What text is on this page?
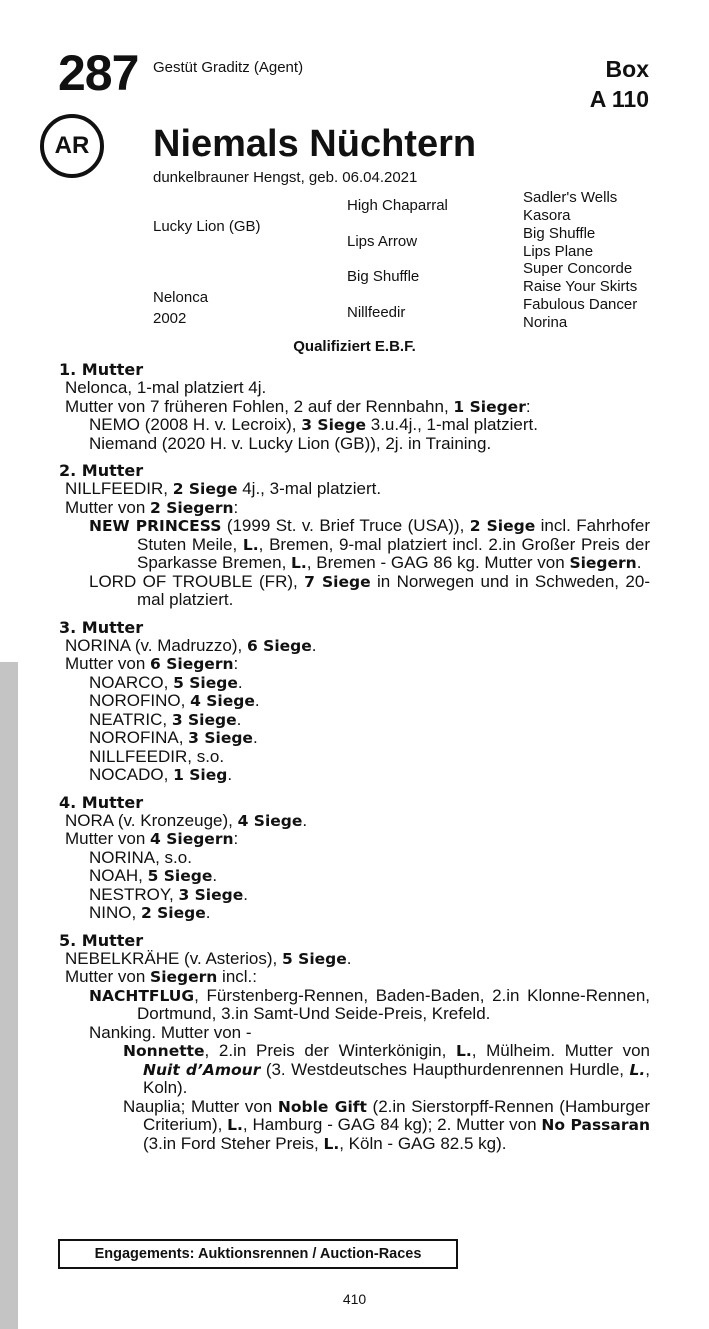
287 Gestüt Graditz (Agent)	Box
A 110
AR	Niemals Nüchtern
dunkelbrauner Hengst, geb. 06.04.2021
Lucky Lion (GB)
Nelonca
2002
High Chaparral
Lips Arrow
Big Shuffle
Nillfeedir
Sadler's Wells
Kasora
Big Shuffle
Lips Plane
Super Concorde
Raise Your Skirts
Fabulous Dancer
Norina
Qualifiziert E.B.F.
1. Mutter
Nelonca, 1-mal platziert 4j.
Mutter von 7 früheren Fohlen, 2 auf der Rennbahn, 1 Sieger:
NEMO (2008 H. v. Lecroix), 3 Siege 3.u.4j., 1-mal platziert.
Niemand (2020 H. v. Lucky Lion (GB)), 2j. in Training.
2. Mutter
NILLFEEDIR, 2 Siege 4j., 3-mal platziert.
Mutter von 2 Siegern:
NEW PRINCESS (1999 St. v. Brief Truce (USA)), 2 Siege incl. Fahrhofer Stuten Meile, L., Bremen, 9-mal platziert incl. 2.in Großer Preis der Sparkasse Bremen, L., Bremen - GAG 86 kg. Mutter von Siegern.
LORD OF TROUBLE (FR), 7 Siege in Norwegen und in Schweden, 20-mal platziert.
3. Mutter
NORINA (v. Madruzzo), 6 Siege.
Mutter von 6 Siegern:
NOARCO, 5 Siege.
NOROFINO, 4 Siege.
NEATRIC, 3 Siege.
NOROFINA, 3 Siege.
NILLFEEDIR, s.o.
NOCADO, 1 Sieg.
4. Mutter
NORA (v. Kronzeuge), 4 Siege.
Mutter von 4 Siegern:
NORINA, s.o.
NOAH, 5 Siege.
NESTROY, 3 Siege.
NINO, 2 Siege.
5. Mutter
NEBELKRÄHE (v. Asterios), 5 Siege.
Mutter von Siegern incl.:
NACHTFLUG, Fürstenberg-Rennen, Baden-Baden, 2.in Klonne-Rennen, Dortmund, 3.in Samt-Und Seide-Preis, Krefeld.
Nanking. Mutter von -
Nonnette, 2.in Preis der Winterkönigin, L., Mülheim. Mutter von Nuit d’Amour (3. Westdeutsches Haupthurdenrennen Hurdle, L., Koln).
Nauplia; Mutter von Noble Gift (2.in Sierstorpff-Rennen (Hamburger Criterium), L., Hamburg - GAG 84 kg); 2. Mutter von No Passaran (3.in Ford Steher Preis, L., Köln - GAG 82.5 kg).
Engagements: Auktionsrennen / Auction-Races
410
